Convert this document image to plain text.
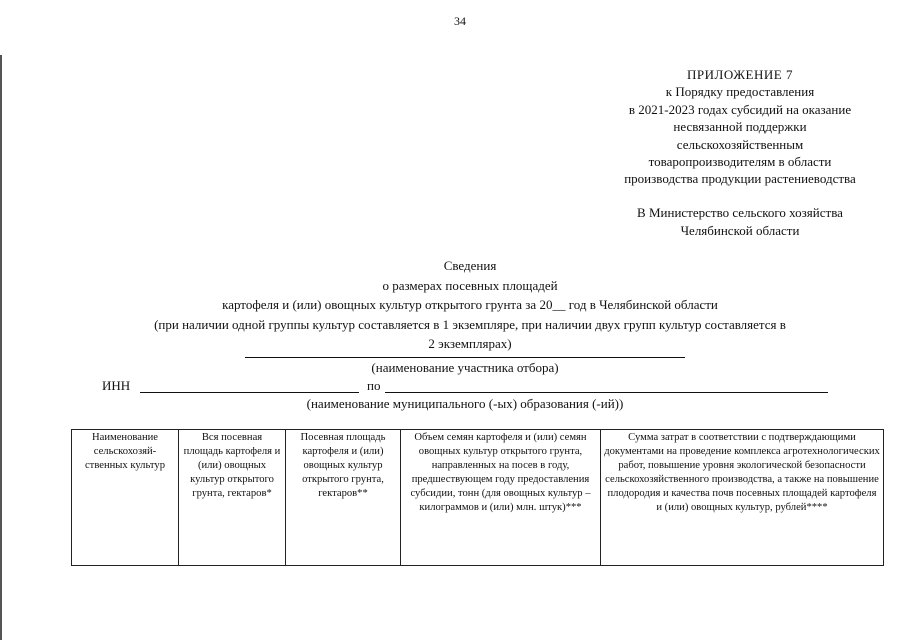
34
ПРИЛОЖЕНИЕ 7
к Порядку предоставления
в 2021-2023 годах субсидий на оказание
несвязанной поддержки
сельскохозяйственным
товаропроизводителям в области
производства продукции растениеводства
В Министерство сельского хозяйства
Челябинской области
Сведения
о размерах посевных площадей
картофеля и (или) овощных культур открытого грунта за 20__ год в Челябинской области
(при наличии одной группы культур составляется в 1 экземпляре, при наличии двух групп культур составляется в
2 экземплярах)
(наименование участника отбора)
ИНН	по
(наименование муниципального (-ых) образования (-ий))
Наименование сельскохозяй-ственных культур	Вся посевная площадь картофеля и (или) овощных культур открытого грунта, гектаров*	Посевная площадь картофеля и (или) овощных культур открытого грунта, гектаров**	Объем семян картофеля и (или) семян овощных культур открытого грунта, направленных на посев в году, предшествующем году предоставления субсидии, тонн (для овощных культур – килограммов и (или) млн. штук)***	Сумма затрат в соответствии с подтверждающими документами на проведение комплекса агротехнологических работ, повышение уровня экологической безопасности сельскохозяйственного производства, а также на повышение плодородия и качества почв посевных площадей картофеля и (или) овощных культур, рублей****
